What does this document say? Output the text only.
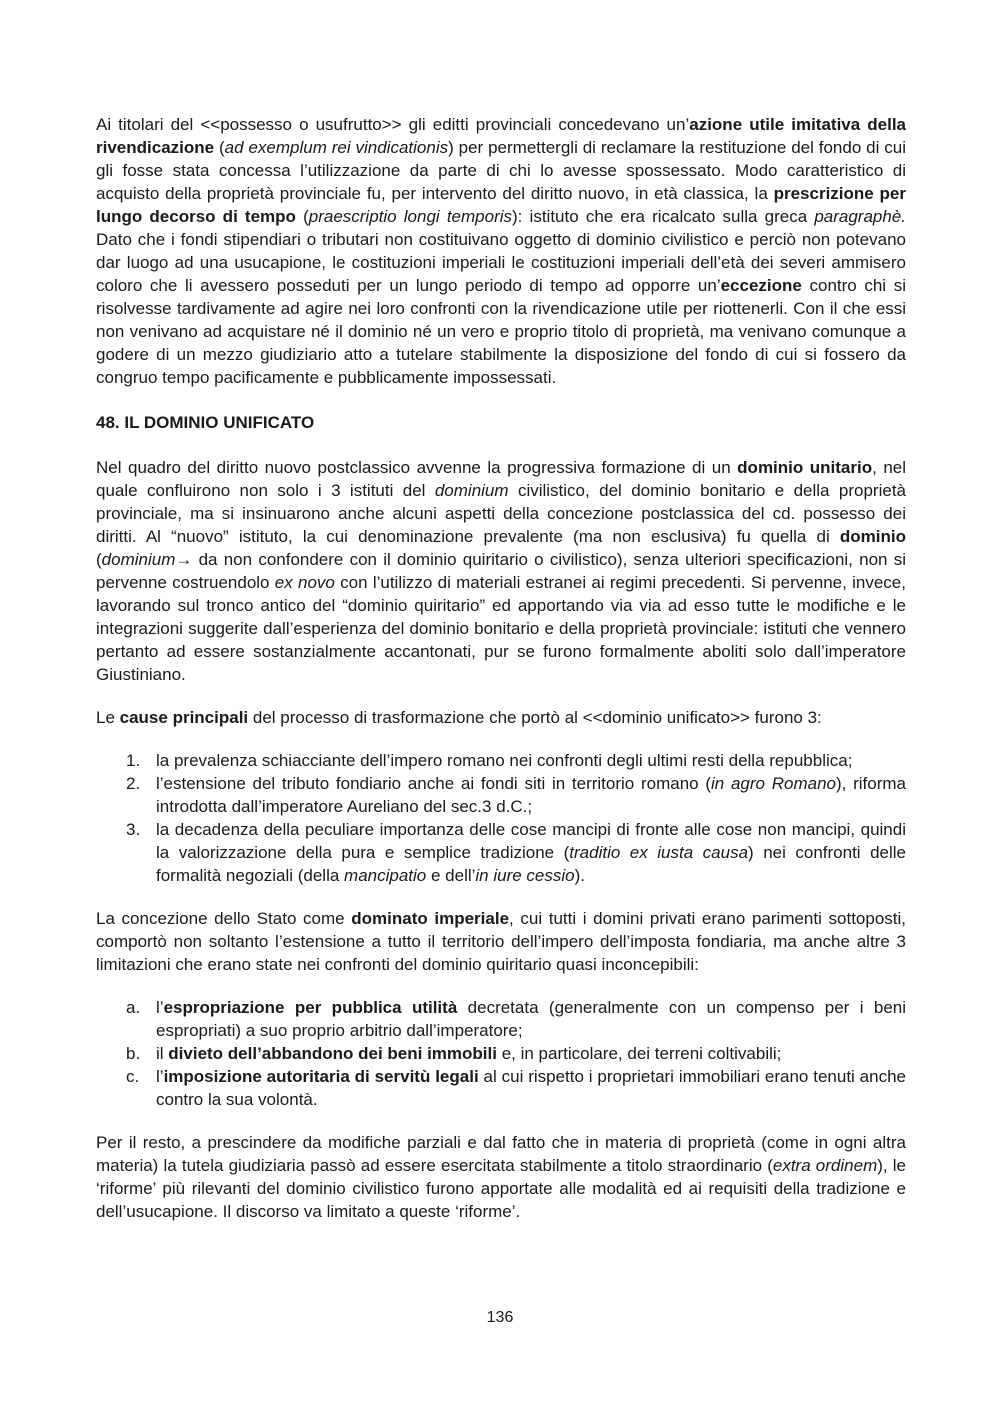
Ai titolari del <<possesso o usufrutto>> gli editti provinciali concedevano un’azione utile imitativa della rivendicazione (ad exemplum rei vindicationis) per permettergli di reclamare la restituzione del fondo di cui gli fosse stata concessa l’utilizzazione da parte di chi lo avesse spossessato. Modo caratteristico di acquisto della proprietà provinciale fu, per intervento del diritto nuovo, in età classica, la prescrizione per lungo decorso di tempo (praescriptio longi temporis): istituto che era ricalcato sulla greca paragraphè. Dato che i fondi stipendiari o tributari non costituivano oggetto di dominio civilistico e perciò non potevano dar luogo ad una usucapione, le costituzioni imperiali le costituzioni imperiali dell’età dei severi ammisero coloro che li avessero posseduti per un lungo periodo di tempo ad opporre un’eccezione contro chi si risolvesse tardivamente ad agire nei loro confronti con la rivendicazione utile per riottenerli. Con il che essi non venivano ad acquistare né il dominio né un vero e proprio titolo di proprietà, ma venivano comunque a godere di un mezzo giudiziario atto a tutelare stabilmente la disposizione del fondo di cui si fossero da congruo tempo pacificamente e pubblicamente impossessati.

48. IL DOMINIO UNIFICATO

Nel quadro del diritto nuovo postclassico avvenne la progressiva formazione di un dominio unitario, nel quale confluirono non solo i 3 istituti del dominium civilistico, del dominio bonitario e della proprietà provinciale, ma si insinuarono anche alcuni aspetti della concezione postclassica del cd. possesso dei diritti. Al “nuovo” istituto, la cui denominazione prevalente (ma non esclusiva) fu quella di dominio (dominium→ da non confondere con il dominio quiritario o civilistico), senza ulteriori specificazioni, non si pervenne costruendolo ex novo con l’utilizzo di materiali estranei ai regimi precedenti. Si pervenne, invece, lavorando sul tronco antico del “dominio quiritario” ed apportando via via ad esso tutte le modifiche e le integrazioni suggerite dall’esperienza del dominio bonitario e della proprietà provinciale: istituti che vennero pertanto ad essere sostanzialmente accantonati, pur se furono formalmente aboliti solo dall’imperatore Giustiniano.

Le cause principali del processo di trasformazione che portò al <<dominio unificato>> furono 3:

1. la prevalenza schiacciante dell’impero romano nei confronti degli ultimi resti della repubblica;
2. l’estensione del tributo fondiario anche ai fondi siti in territorio romano (in agro Romano), riforma introdotta dall’imperatore Aureliano del sec.3 d.C.;
3. la decadenza della peculiare importanza delle cose mancipi di fronte alle cose non mancipi, quindi la valorizzazione della pura e semplice tradizione (traditio ex iusta causa) nei confronti delle formalità negoziali (della mancipatio e dell’in iure cessio).

La concezione dello Stato come dominato imperiale, cui tutti i domini privati erano parimenti sottoposti, comportò non soltanto l’estensione a tutto il territorio dell’impero dell’imposta fondiaria, ma anche altre 3 limitazioni che erano state nei confronti del dominio quiritario quasi inconcepibili:

a. l’espropriazione per pubblica utilità decretata (generalmente con un compenso per i beni espropriati) a suo proprio arbitrio dall’imperatore;
b. il divieto dell’abbandono dei beni immobili e, in particolare, dei terreni coltivabili;
c. l’imposizione autoritaria di servitù legali al cui rispetto i proprietari immobiliari erano tenuti anche contro la sua volontà.

Per il resto, a prescindere da modifiche parziali e dal fatto che in materia di proprietà (come in ogni altra materia) la tutela giudiziaria passò ad essere esercitata stabilmente a titolo straordinario (extra ordinem), le ‘riforme’ più rilevanti del dominio civilistico furono apportate alle modalità ed ai requisiti della tradizione e dell’usucapione. Il discorso va limitato a queste ‘riforme’.

136
